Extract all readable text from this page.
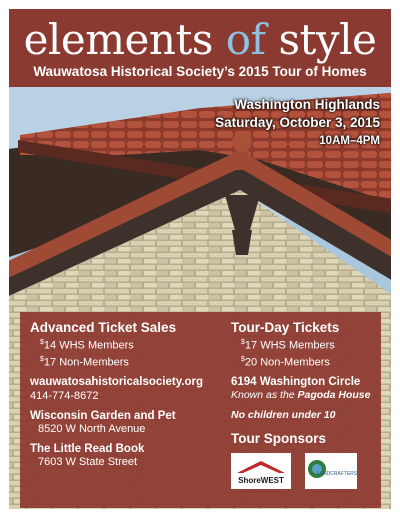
elements of style
Wauwatosa Historical Society’s 2015 Tour of Homes
Washington Highlands
Saturday, October 3, 2015
10AM–4PM
Advanced Ticket Sales
$14 WHS Members
$17 Non-Members
wauwatosahistoricalsociety.org
414-774-8672
Wisconsin Garden and Pet
8520 W North Avenue
The Little Read Book
7603 W State Street
Tour-Day Tickets
$17 WHS Members
$20 Non-Members
6194 Washington Circle
Known as the Pagoda House
No children under 10
Tour Sponsors
ShoreWEST
LANDCRAFTERS
